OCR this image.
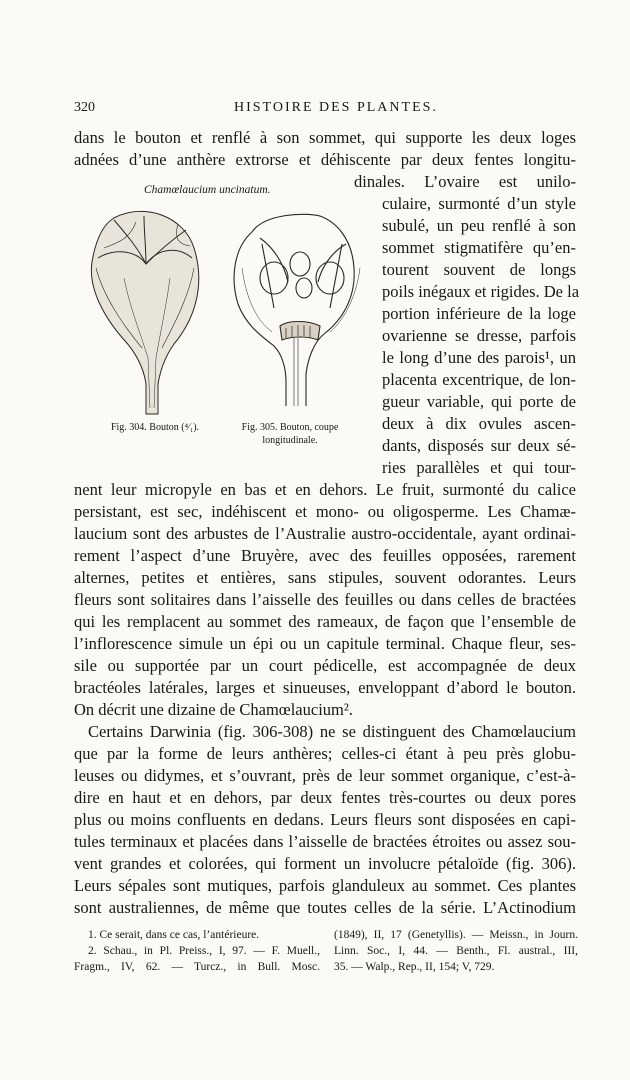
320	HISTOIRE DES PLANTES.
dans le bouton et renflé à son sommet, qui supporte les deux loges
adnées d’une anthère extrorse et déhiscente par deux fentes longitu-
dinales. L’ovaire est unilo-
culaire, surmonté d’un style
subulé, un peu renflé à son
sommet stigmatifère qu’en-
tourent souvent de longs
poils inégaux et rigides. De la
portion inférieure de la loge
ovarienne se dresse, parfois
le long d’une des parois¹, un
placenta excentrique, de lon-
gueur variable, qui porte de
deux à dix ovules ascen-
dants, disposés sur deux sé-
ries parallèles et qui tour-
Chamœlaucium uncinatum.
Fig. 304. Bouton (⁴⁄₁).	Fig. 305. Bouton, coupe
longitudinale.
nent leur micropyle en bas et en dehors. Le fruit, surmonté du calice
persistant, est sec, indéhiscent et mono- ou oligosperme. Les Chamæ-
laucium sont des arbustes de l’Australie austro-occidentale, ayant ordinai-
rement l’aspect d’une Bruyère, avec des feuilles opposées, rarement
alternes, petites et entières, sans stipules, souvent odorantes. Leurs
fleurs sont solitaires dans l’aisselle des feuilles ou dans celles de bractées
qui les remplacent au sommet des rameaux, de façon que l’ensemble de
l’inflorescence simule un épi ou un capitule terminal. Chaque fleur, ses-
sile ou supportée par un court pédicelle, est accompagnée de deux
bractéoles latérales, larges et sinueuses, enveloppant d’abord le bouton.
On décrit une dizaine de Chamœlaucium².
Certains Darwinia (fig. 306-308) ne se distinguent des Chamœlaucium
que par la forme de leurs anthères; celles-ci étant à peu près globu-
leuses ou didymes, et s’ouvrant, près de leur sommet organique, c’est-à-
dire en haut et en dehors, par deux fentes très-courtes ou deux pores
plus ou moins confluents en dedans. Leurs fleurs sont disposées en capi-
tules terminaux et placées dans l’aisselle de bractées étroites ou assez sou-
vent grandes et colorées, qui forment un involucre pétaloïde (fig. 306).
Leurs sépales sont mutiques, parfois glanduleux au sommet. Ces plantes
sont australiennes, de même que toutes celles de la série. L’Actinodium
1. Ce serait, dans ce cas, l’antérieure.
2. Schau., in Pl. Preiss., I, 97. — F. Muell.,
Fragm., IV, 62. — Turcz., in Bull. Mosc.
(1849), II, 17 (Genetyllis). — Meissn., in Journ.
Linn. Soc., I, 44. — Benth., Fl. austral., III,
35. — Walp., Rep., II, 154; V, 729.
